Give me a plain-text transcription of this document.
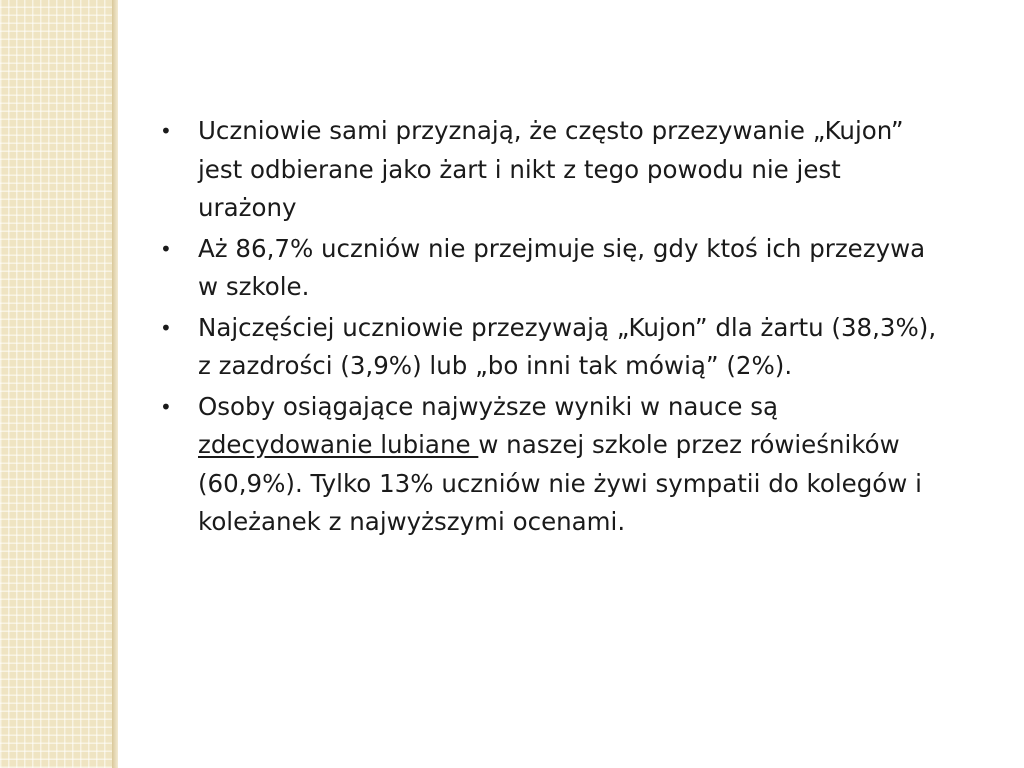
• Uczniowie sami przyznają, że często przezywanie „Kujon” jest odbierane jako żart i nikt z tego powodu nie jest urażony
• Aż 86,7% uczniów nie przejmuje się, gdy ktoś ich przezywa w szkole.
• Najczęściej uczniowie przezywają „Kujon” dla żartu (38,3%), z zazdrości (3,9%) lub „bo inni tak mówią” (2%).
• Osoby osiągające najwyższe wyniki w nauce są zdecydowanie lubiane w naszej szkole przez rówieśników (60,9%). Tylko 13% uczniów nie żywi sympatii do kolegów i koleżanek z najwyższymi ocenami.
